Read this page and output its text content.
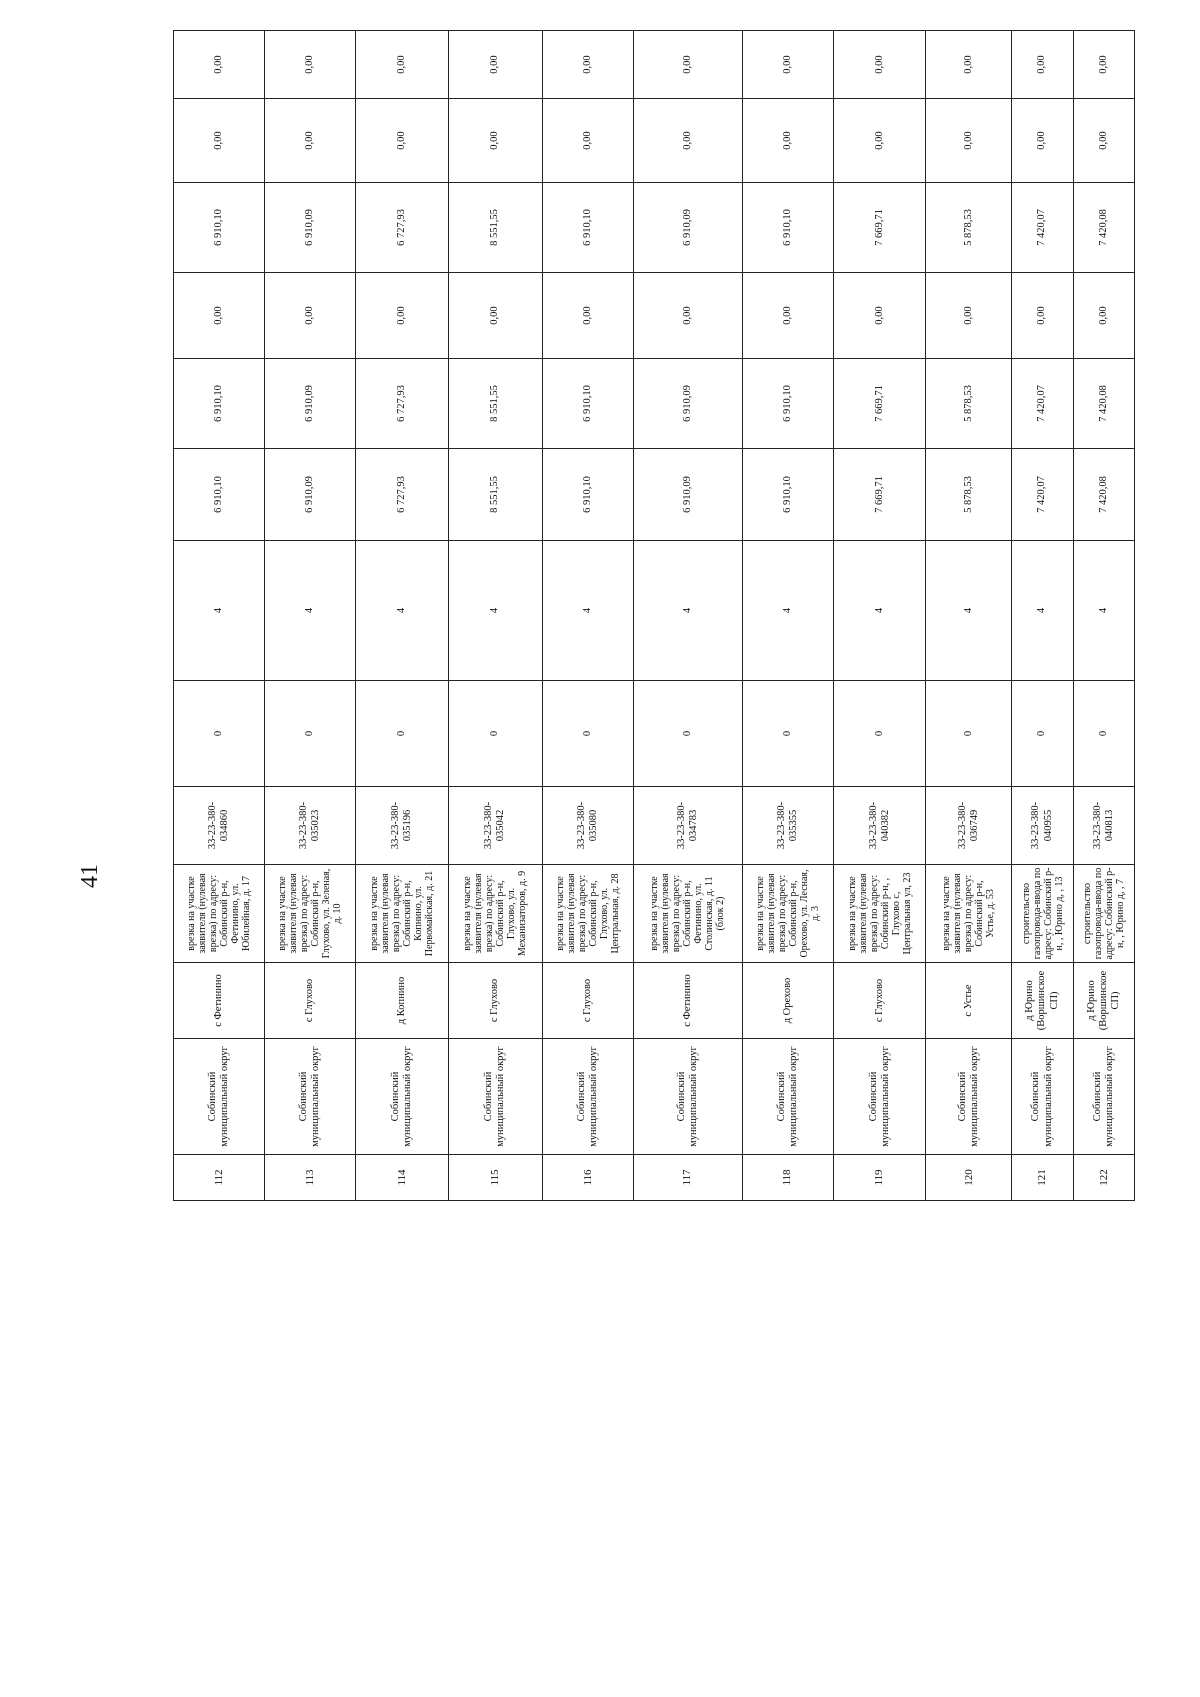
41
112	Собинский муниципальный округ	с Фетинино	врезка на участке заявителя (нулевая врезка) по адресу: Собинский р-н, Фетинино, ул. Юбилейная, д. 17	33-23-380-034860	0	4	6 910,10	6 910,10	0,00	6 910,10	0,00	0,00
113	Собинский муниципальный округ	с Глухово	врезка на участке заявителя (нулевая врезка) по адресу: Собинский р-н, Глухово, ул. Зеленая, д. 10	33-23-380-035023	0	4	6 910,09	6 910,09	0,00	6 910,09	0,00	0,00
114	Собинский муниципальный округ	д Копнино	врезка на участке заявителя (нулевая врезка) по адресу: Собинский р-н, Копнино, ул. Первомайская, д. 21	33-23-380-035196	0	4	6 727,93	6 727,93	0,00	6 727,93	0,00	0,00
115	Собинский муниципальный округ	с Глухово	врезка на участке заявителя (нулевая врезка) по адресу: Собинский р-н, Глухово, ул. Механизаторов, д. 9	33-23-380-035042	0	4	8 551,55	8 551,55	0,00	8 551,55	0,00	0,00
116	Собинский муниципальный округ	с Глухово	врезка на участке заявителя (нулевая врезка) по адресу: Собинский р-н, Глухово, ул. Центральная, д. 28	33-23-380-035080	0	4	6 910,10	6 910,10	0,00	6 910,10	0,00	0,00
117	Собинский муниципальный округ	с Фетинино	врезка на участке заявителя (нулевая врезка) по адресу: Собинский р-н, Фетинино, ул. Столинская, д. 11 (блок 2)	33-23-380-034783	0	4	6 910,09	6 910,09	0,00	6 910,09	0,00	0,00
118	Собинский муниципальный округ	д Орехово	врезка на участке заявителя (нулевая врезка) по адресу: Собинский р-н, Орехово, ул. Лесная, д. 3	33-23-380-035355	0	4	6 910,10	6 910,10	0,00	6 910,10	0,00	0,00
119	Собинский муниципальный округ	с Глухово	врезка на участке заявителя (нулевая врезка) по адресу: Собинский р-н, , Глухово с, Центральная ул, 23	33-23-380-040382	0	4	7 669,71	7 669,71	0,00	7 669,71	0,00	0,00
120	Собинский муниципальный округ	с Устье	врезка на участке заявителя (нулевая врезка) по адресу: Собинский р-н, Устье, д. 53	33-23-380-036749	0	4	5 878,53	5 878,53	0,00	5 878,53	0,00	0,00
121	Собинский муниципальный округ	д Юрино (Воршинское СП)	строительство газопровода-ввода по адресу: Собинский р-н, , Юрино д, , 13	33-23-380-040955	0	4	7 420,07	7 420,07	0,00	7 420,07	0,00	0,00
122	Собинский муниципальный округ	д Юрино (Воршинское СП)	строительство газопровода-ввода по адресу: Собинский р-н, , Юрино д, , 7	33-23-380-040813	0	4	7 420,08	7 420,08	0,00	7 420,08	0,00	0,00
